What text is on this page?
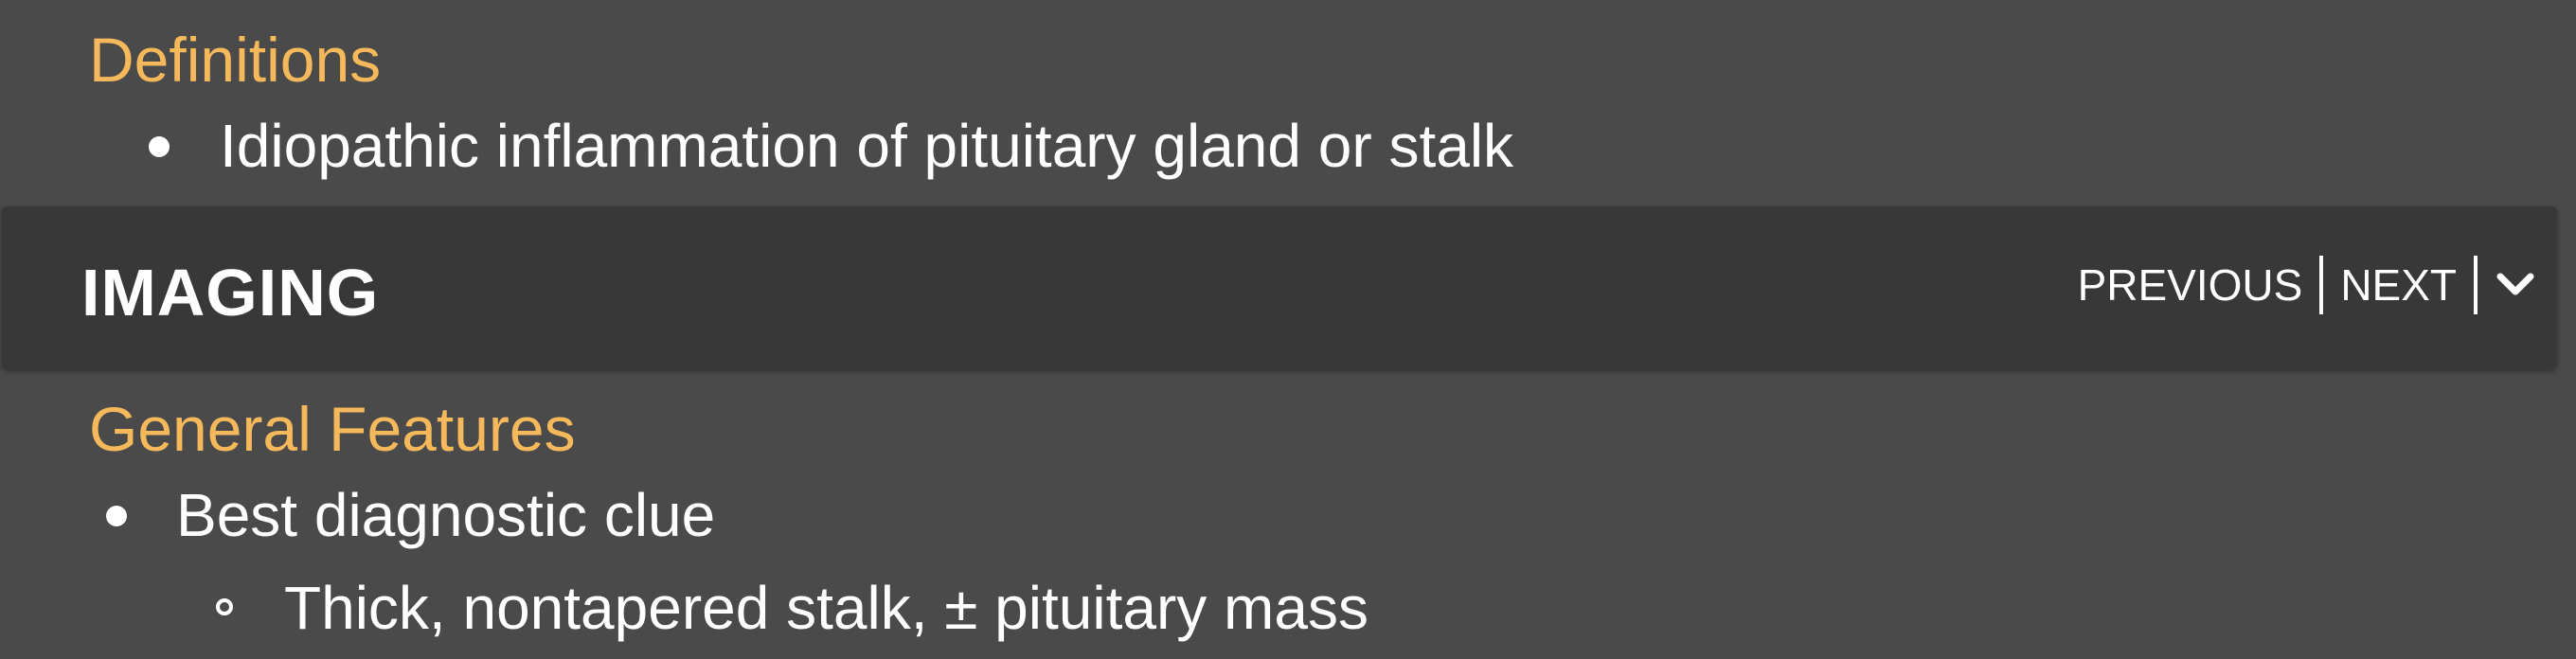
Definitions
Idiopathic inflammation of pituitary gland or stalk
IMAGING	PREVIOUS NEXT
General Features
Best diagnostic clue
Thick, nontapered stalk, ± pituitary mass
